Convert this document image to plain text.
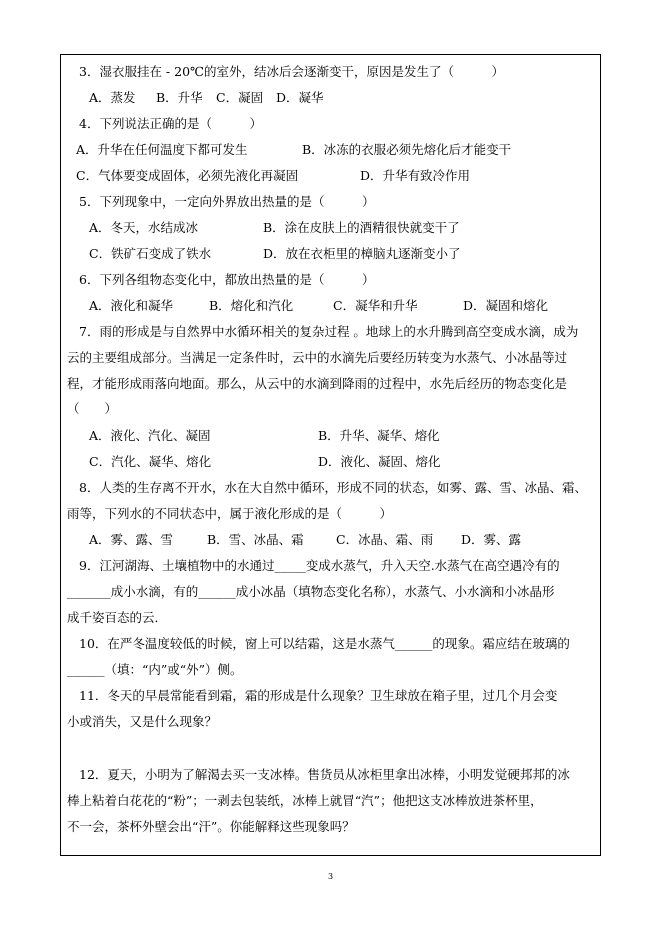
3．湿衣服挂在 - 20℃的室外，结冰后会逐渐变干，原因是发生了（　　　）
A．蒸发 B．升华 C．凝固 D．凝华
4．下列说法正确的是（　　　）
A．升华在任何温度下都可发生	B．冰冻的衣服必须先熔化后才能变干
C．气体要变成固体，必须先液化再凝固	D．升华有致冷作用
5．下列现象中，一定向外界放出热量的是（　　　）
A．冬天，水结成冰	B．涂在皮肤上的酒精很快就变干了
C．铁矿石变成了铁水	D．放在衣柜里的樟脑丸逐渐变小了
6．下列各组物态变化中，都放出热量的是（　　　）
A．液化和凝华	B．熔化和汽化	C．凝华和升华	D．凝固和熔化
7．雨的形成是与自然界中水循环相关的复杂过程 。地球上的水升腾到高空变成水滴，成为
云的主要组成部分。当满足一定条件时，云中的水滴先后要经历转变为水蒸气、小冰晶等过
程，才能形成雨落向地面。那么，从云中的水滴到降雨的过程中，水先后经历的物态变化是
（　　）
A．液化、汽化、凝固	B．升华、凝华、熔化
C．汽化、凝华、熔化	D．液化、凝固、熔化
8．人类的生存离不开水，水在大自然中循环，形成不同的状态，如雾、露、雪、冰晶、霜、
雨等，下列水的不同状态中，属于液化形成的是（　　　）
A．雾、露、雪	B．雪、冰晶、霜	C．冰晶、霜、雨 D．雾、露
9．江河湖海、土壤植物中的水通过_____变成水蒸气，升入天空.水蒸气在高空遇冷有的
_______成小水滴，有的______成小冰晶（填物态变化名称），水蒸气、小水滴和小冰晶形
成千姿百态的云．
10．在严冬温度较低的时候，窗上可以结霜，这是水蒸气______的现象。霜应结在玻璃的
______（填：“内”或“外”）侧。
11．冬天的早晨常能看到霜，霜的形成是什么现象？卫生球放在箱子里，过几个月会变
小或消失，又是什么现象？
12．夏天，小明为了解渴去买一支冰棒。售货员从冰柜里拿出冰棒，小明发觉硬邦邦的冰
棒上粘着白花花的“粉”；一剥去包装纸，冰棒上就冒“汽”；他把这支冰棒放进茶杯里，
不一会，茶杯外壁会出“汗”。你能解释这些现象吗？
3
